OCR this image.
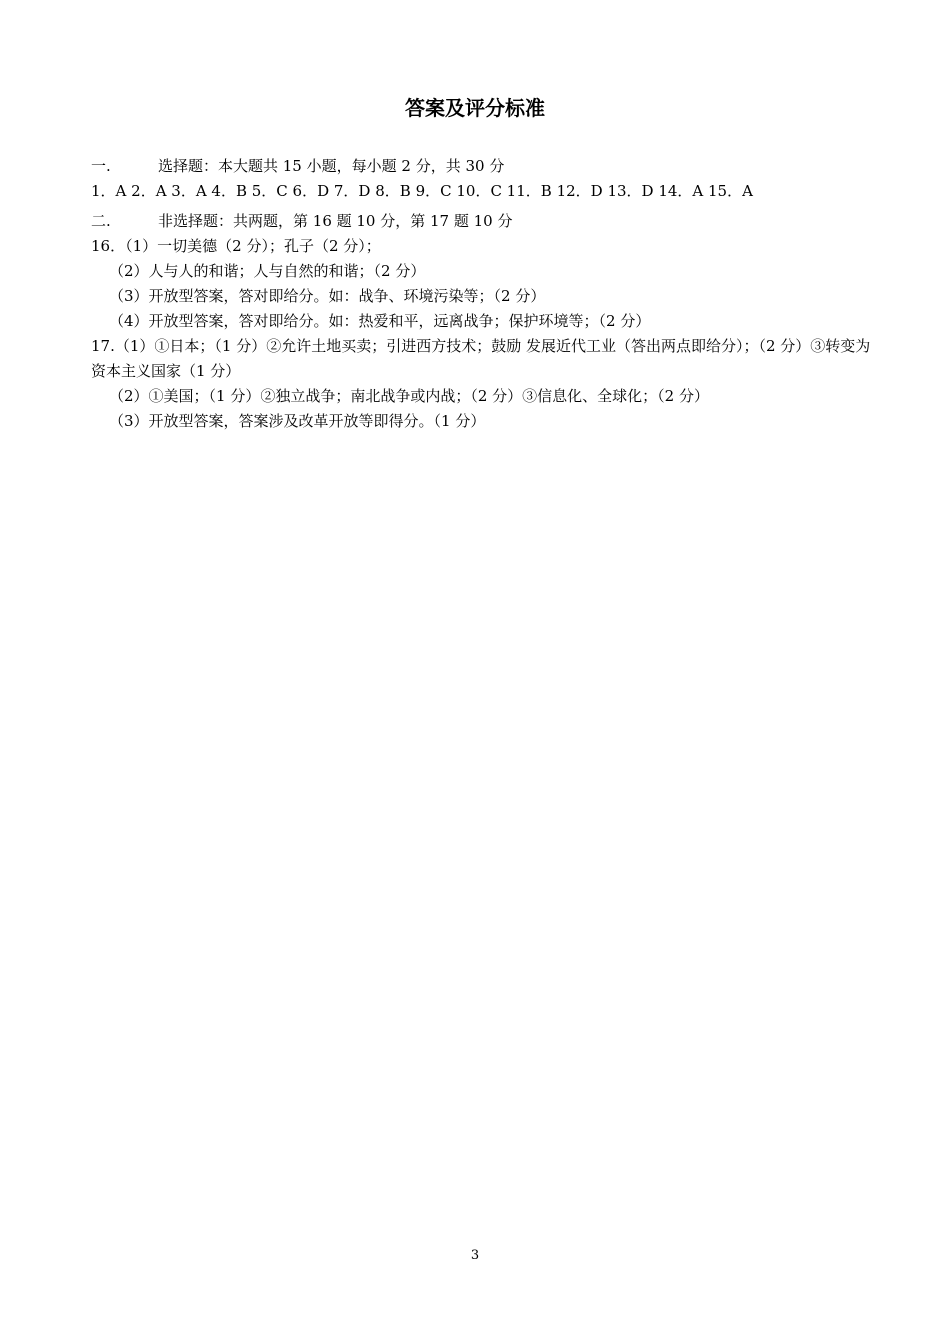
答案及评分标准
一.	选择题：本大题共 15 小题，每小题 2 分，共 30 分
1．A 2．A 3．A 4．B 5．C 6．D 7．D 8．B 9．C 10．C 11．B 12．D 13．D 14．A 15．A
二.	非选择题：共两题，第 16 题 10 分，第 17 题 10 分
16．（1）一切美德（2 分）；孔子（2 分）；
（2）人与人的和谐；人与自然的和谐；（2 分）
（3）开放型答案，答对即给分。如：战争、环境污染等；（2 分）
（4）开放型答案，答对即给分。如：热爱和平，远离战争；保护环境等；（2 分）
17.（1）①日本；（1 分）②允许土地买卖；引进西方技术；鼓励 发展近代工业（答出两点即给分）；（2 分）③转变为资本主义国家（1 分）
（2）①美国；（1 分）②独立战争；南北战争或内战；（2 分）③信息化、全球化；（2 分）
（3）开放型答案，答案涉及改革开放等即得分。（1 分）
3
